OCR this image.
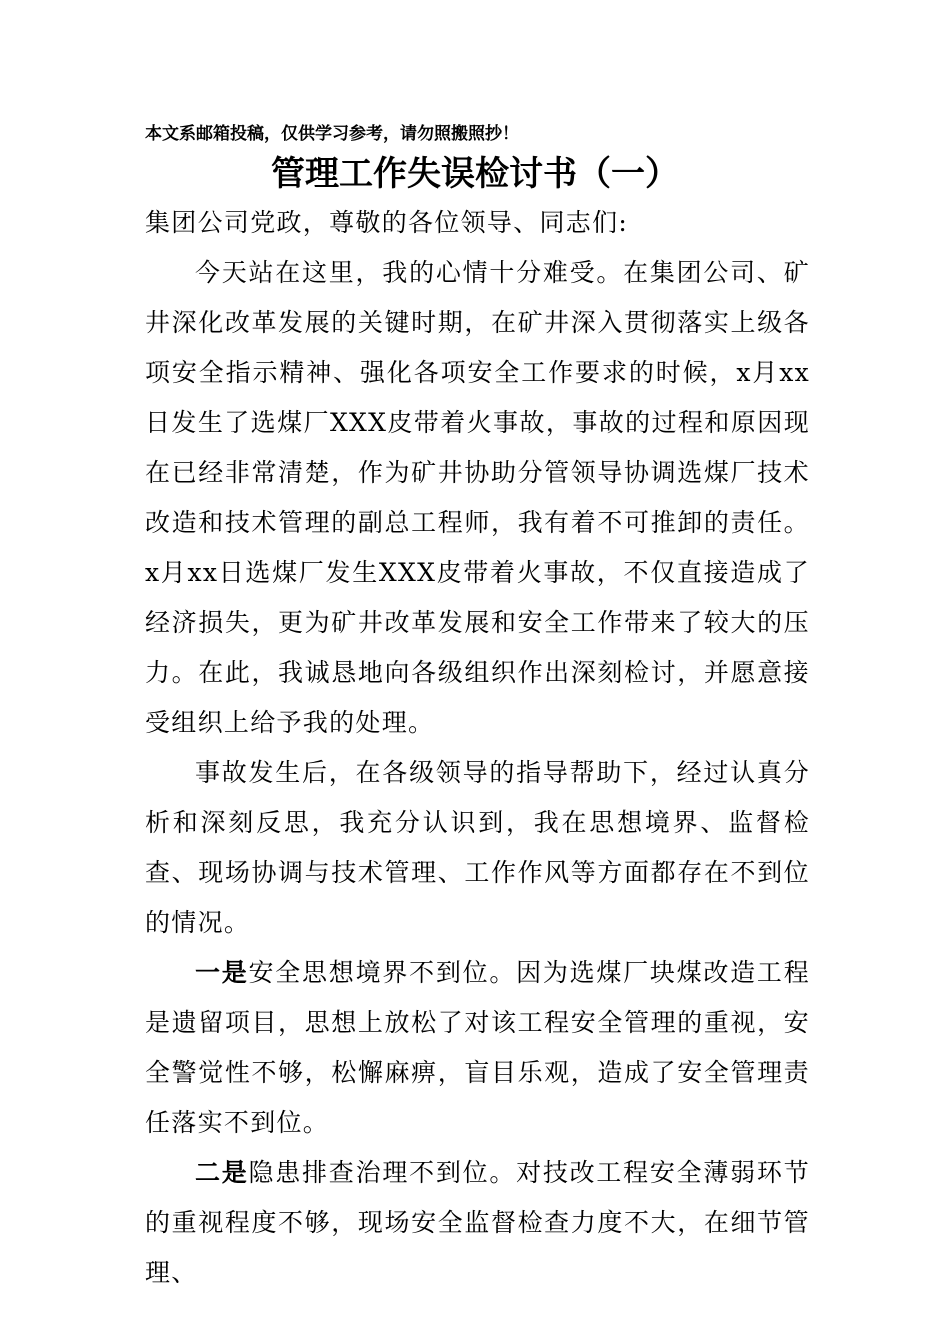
本文系邮箱投稿，仅供学习参考，请勿照搬照抄！
管理工作失误检讨书（一）

集团公司党政，尊敬的各位领导、同志们:

今天站在这里，我的心情十分难受。在集团公司、矿井深化改革发展的关键时期，在矿井深入贯彻落实上级各项安全指示精神、强化各项安全工作要求的时候，x月xx日发生了选煤厂XXX皮带着火事故，事故的过程和原因现在已经非常清楚，作为矿井协助分管领导协调选煤厂技术改造和技术管理的副总工程师，我有着不可推卸的责任。x月xx日选煤厂发生XXX皮带着火事故，不仅直接造成了经济损失，更为矿井改革发展和安全工作带来了较大的压力。在此，我诚恳地向各级组织作出深刻检讨，并愿意接受组织上给予我的处理。

事故发生后，在各级领导的指导帮助下，经过认真分析和深刻反思，我充分认识到，我在思想境界、监督检查、现场协调与技术管理、工作作风等方面都存在不到位的情况。

一是安全思想境界不到位。因为选煤厂块煤改造工程是遗留项目，思想上放松了对该工程安全管理的重视，安全警觉性不够，松懈麻痹，盲目乐观，造成了安全管理责任落实不到位。

二是隐患排查治理不到位。对技改工程安全薄弱环节的重视程度不够，现场安全监督检查力度不大，在细节管理、
